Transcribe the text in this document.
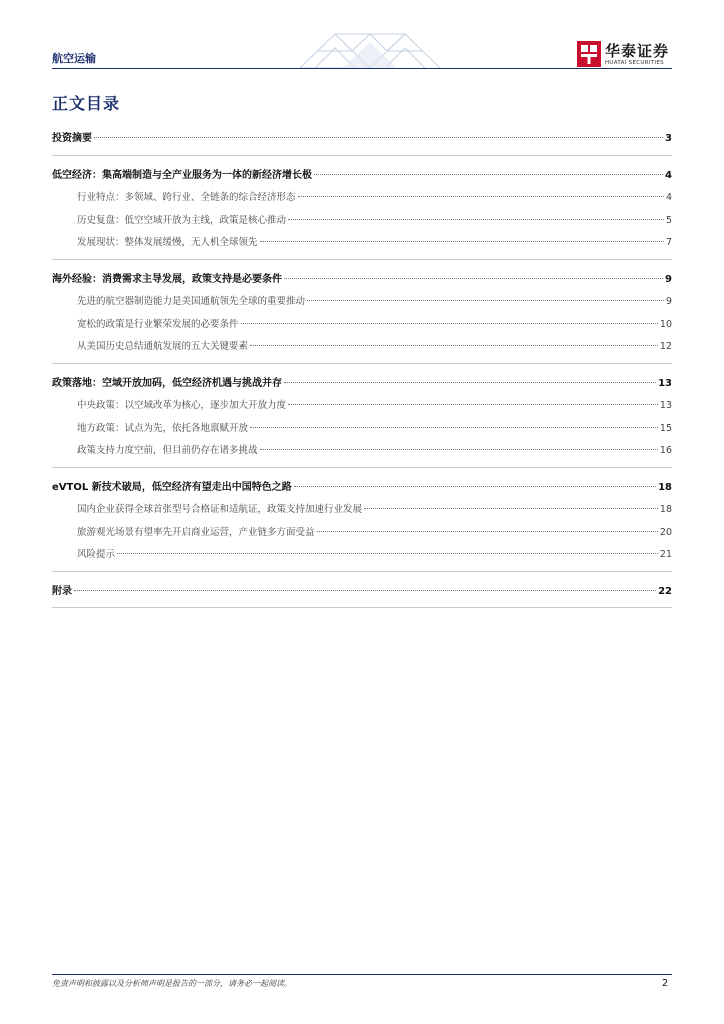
航空运输	华泰证券
HUATAI SECURITIES
正文目录
投资摘要	3
低空经济：集高端制造与全产业服务为一体的新经济增长极	4
行业特点：多领域、跨行业、全链条的综合经济形态	4
历史复盘：低空空域开放为主线，政策是核心推动	5
发展现状：整体发展缓慢，无人机全球领先	7
海外经验：消费需求主导发展，政策支持是必要条件	9
先进的航空器制造能力是美国通航领先全球的重要推动	9
宽松的政策是行业繁荣发展的必要条件	10
从美国历史总结通航发展的五大关键要素	12
政策落地：空域开放加码，低空经济机遇与挑战并存	13
中央政策：以空域改革为核心，逐步加大开放力度	13
地方政策：试点为先，依托各地禀赋开放	15
政策支持力度空前，但目前仍存在诸多挑战	16
eVTOL 新技术破局，低空经济有望走出中国特色之路	18
国内企业获得全球首张型号合格证和适航证，政策支持加速行业发展	18
旅游观光场景有望率先开启商业运营，产业链多方面受益	20
风险提示	21
附录	22
免责声明和披露以及分析师声明是报告的一部分，请务必一起阅读。	2
